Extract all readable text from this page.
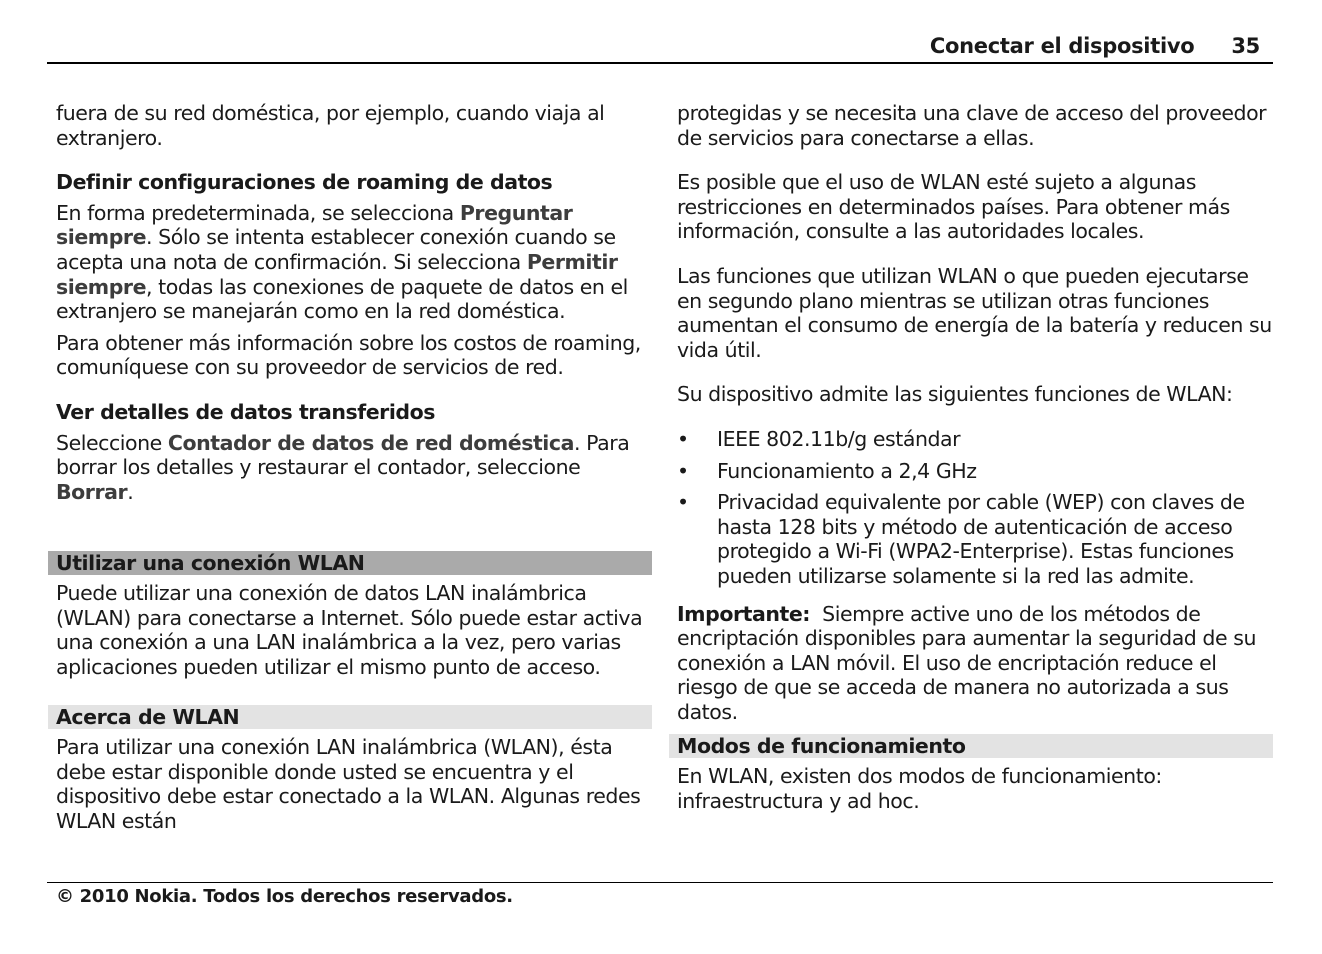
Conectar el dispositivo 35

fuera de su red doméstica, por ejemplo, cuando viaja al extranjero.

Definir configuraciones de roaming de datos

En forma predeterminada, se selecciona Preguntar siempre. Sólo se intenta establecer conexión cuando se acepta una nota de confirmación. Si selecciona Permitir siempre, todas las conexiones de paquete de datos en el extranjero se manejarán como en la red doméstica.

Para obtener más información sobre los costos de roaming, comuníquese con su proveedor de servicios de red.

Ver detalles de datos transferidos

Seleccione Contador de datos de red doméstica. Para borrar los detalles y restaurar el contador, seleccione Borrar.

Utilizar una conexión WLAN

Puede utilizar una conexión de datos LAN inalámbrica (WLAN) para conectarse a Internet. Sólo puede estar activa una conexión a una LAN inalámbrica a la vez, pero varias aplicaciones pueden utilizar el mismo punto de acceso.

Acerca de WLAN

Para utilizar una conexión LAN inalámbrica (WLAN), ésta debe estar disponible donde usted se encuentra y el dispositivo debe estar conectado a la WLAN. Algunas redes WLAN están

protegidas y se necesita una clave de acceso del proveedor de servicios para conectarse a ellas.

Es posible que el uso de WLAN esté sujeto a algunas restricciones en determinados países. Para obtener más información, consulte a las autoridades locales.

Las funciones que utilizan WLAN o que pueden ejecutarse en segundo plano mientras se utilizan otras funciones aumentan el consumo de energía de la batería y reducen su vida útil.

Su dispositivo admite las siguientes funciones de WLAN:

• IEEE 802.11b/g estándar
• Funcionamiento a 2,4 GHz
• Privacidad equivalente por cable (WEP) con claves de hasta 128 bits y método de autenticación de acceso protegido a Wi-Fi (WPA2-Enterprise). Estas funciones pueden utilizarse solamente si la red las admite.

Importante:  Siempre active uno de los métodos de encriptación disponibles para aumentar la seguridad de su conexión a LAN móvil. El uso de encriptación reduce el riesgo de que se acceda de manera no autorizada a sus datos.

Modos de funcionamiento

En WLAN, existen dos modos de funcionamiento: infraestructura y ad hoc.

© 2010 Nokia. Todos los derechos reservados.
